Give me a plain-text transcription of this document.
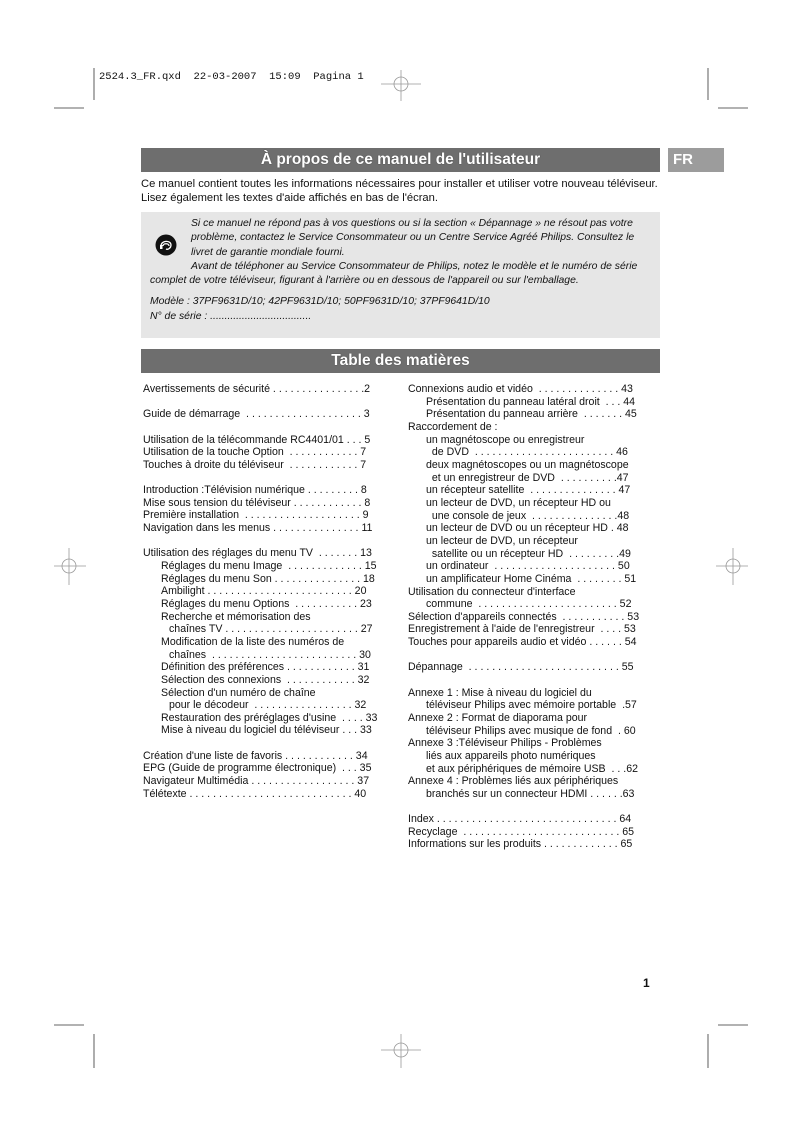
2524.3_FR.qxd  22-03-2007  15:09  Pagina 1
À propos de ce manuel de l'utilisateur	FR
Ce manuel contient toutes les informations nécessaires pour installer et utiliser votre nouveau téléviseur. Lisez également les textes d'aide affichés en bas de l'écran.
Si ce manuel ne répond pas à vos questions ou si la section « Dépannage » ne résout pas votre problème, contactez le Service Consommateur ou un Centre Service Agréé Philips. Consultez le livret de garantie mondiale fourni.
Avant de téléphoner au Service Consommateur de Philips, notez le modèle et le numéro de série complet de votre téléviseur, figurant à l'arrière ou en dessous de l'appareil ou sur l'emballage.
Modèle : 37PF9631D/10; 42PF9631D/10; 50PF9631D/10; 37PF9641D/10
N° de série : ...................................
Table des matières
Avertissements de sécurité . . . . . . . . . . . . . . . .2
Guide de démarrage  . . . . . . . . . . . . . . . . . . . . 3
Utilisation de la télécommande RC4401/01 . . . 5
Utilisation de la touche Option  . . . . . . . . . . . . 7
Touches à droite du téléviseur  . . . . . . . . . . . . 7
Introduction :Télévision numérique . . . . . . . . . 8
Mise sous tension du téléviseur . . . . . . . . . . . . 8
Première installation  . . . . . . . . . . . . . . . . . . . . 9
Navigation dans les menus . . . . . . . . . . . . . . . 11
Utilisation des réglages du menu TV  . . . . . . . 13
Réglages du menu Image  . . . . . . . . . . . . . 15
Réglages du menu Son . . . . . . . . . . . . . . . 18
Ambilight . . . . . . . . . . . . . . . . . . . . . . . . . 20
Réglages du menu Options  . . . . . . . . . . . 23
Recherche et mémorisation des
chaînes TV . . . . . . . . . . . . . . . . . . . . . . . 27
Modification de la liste des numéros de
chaînes  . . . . . . . . . . . . . . . . . . . . . . . . . 30
Définition des préférences . . . . . . . . . . . . 31
Sélection des connexions  . . . . . . . . . . . . 32
Sélection d'un numéro de chaîne
pour le décodeur  . . . . . . . . . . . . . . . . . 32
Restauration des préréglages d'usine  . . . . 33
Mise à niveau du logiciel du téléviseur . . . 33
Création d'une liste de favoris . . . . . . . . . . . . 34
EPG (Guide de programme électronique)  . . . 35
Navigateur Multimédia . . . . . . . . . . . . . . . . . . 37
Télétexte . . . . . . . . . . . . . . . . . . . . . . . . . . . . 40
Connexions audio et vidéo  . . . . . . . . . . . . . . 43
Présentation du panneau latéral droit  . . . 44
Présentation du panneau arrière  . . . . . . . 45
Raccordement de :
un magnétoscope ou enregistreur
de DVD  . . . . . . . . . . . . . . . . . . . . . . . . 46
deux magnétoscopes ou un magnétoscope
et un enregistreur de DVD  . . . . . . . . . .47
un récepteur satellite  . . . . . . . . . . . . . . . 47
un lecteur de DVD, un récepteur HD ou
une console de jeux  . . . . . . . . . . . . . . .48
un lecteur de DVD ou un récepteur HD . 48
un lecteur de DVD, un récepteur
satellite ou un récepteur HD  . . . . . . . . .49
un ordinateur  . . . . . . . . . . . . . . . . . . . . . 50
un amplificateur Home Cinéma  . . . . . . . . 51
Utilisation du connecteur d'interface
commune  . . . . . . . . . . . . . . . . . . . . . . . . 52
Sélection d'appareils connectés  . . . . . . . . . . . 53
Enregistrement à l'aide de l'enregistreur  . . . . 53
Touches pour appareils audio et vidéo . . . . . . 54
Dépannage  . . . . . . . . . . . . . . . . . . . . . . . . . . 55
Annexe 1 : Mise à niveau du logiciel du
téléviseur Philips avec mémoire portable  .57
Annexe 2 : Format de diaporama pour
téléviseur Philips avec musique de fond  . 60
Annexe 3 :Téléviseur Philips - Problèmes
liés aux appareils photo numériques
et aux périphériques de mémoire USB  . . .62
Annexe 4 : Problèmes liés aux périphériques
branchés sur un connecteur HDMI . . . . . .63
Index . . . . . . . . . . . . . . . . . . . . . . . . . . . . . . . 64
Recyclage  . . . . . . . . . . . . . . . . . . . . . . . . . . . 65
Informations sur les produits . . . . . . . . . . . . . 65
1
